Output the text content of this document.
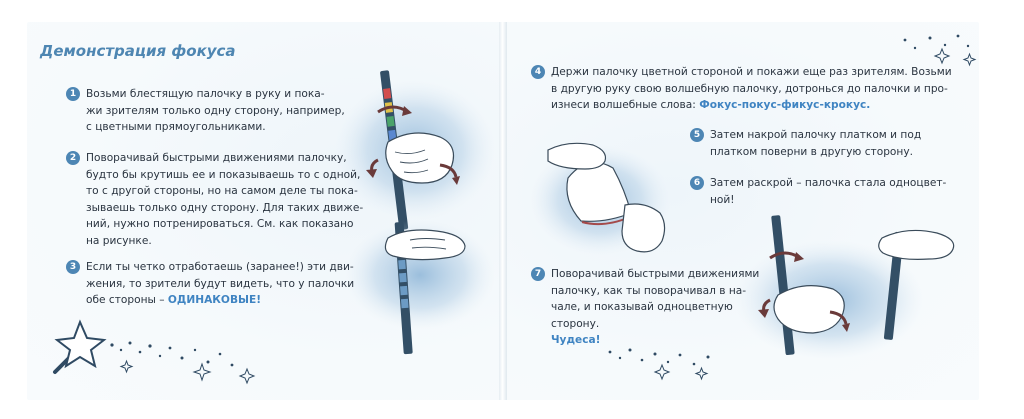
Демонстрация фокуса
1 Возьми блестящую палочку в руку и пока-
жи зрителям только одну сторону, например,
с цветными прямоугольниками.
2 Поворачивай быстрыми движениями палочку,
будто бы крутишь ее и показываешь то с одной,
то с другой стороны, но на самом деле ты пока-
зываешь только одну сторону. Для таких движе-
ний, нужно потренироваться. См. как показано
на рисунке.
3 Если ты четко отработаешь (заранее!) эти дви-
жения, то зрители будут видеть, что у палочки
обе стороны – ОДИНАКОВЫЕ!
4 Держи палочку цветной стороной и покажи еще раз зрителям. Возьми
в другую руку свою волшебную палочку, дотронься до палочки и про-
изнеси волшебные слова: Фокус-покус-фикус-крокус.
5 Затем накрой палочку платком и под
платком поверни в другую сторону.
6 Затем раскрой – палочка стала одноцвет-
ной!
7 Поворачивай быстрыми движениями
палочку, как ты поворачивал в на-
чале, и показывай одноцветную
сторону.
Чудеса!
